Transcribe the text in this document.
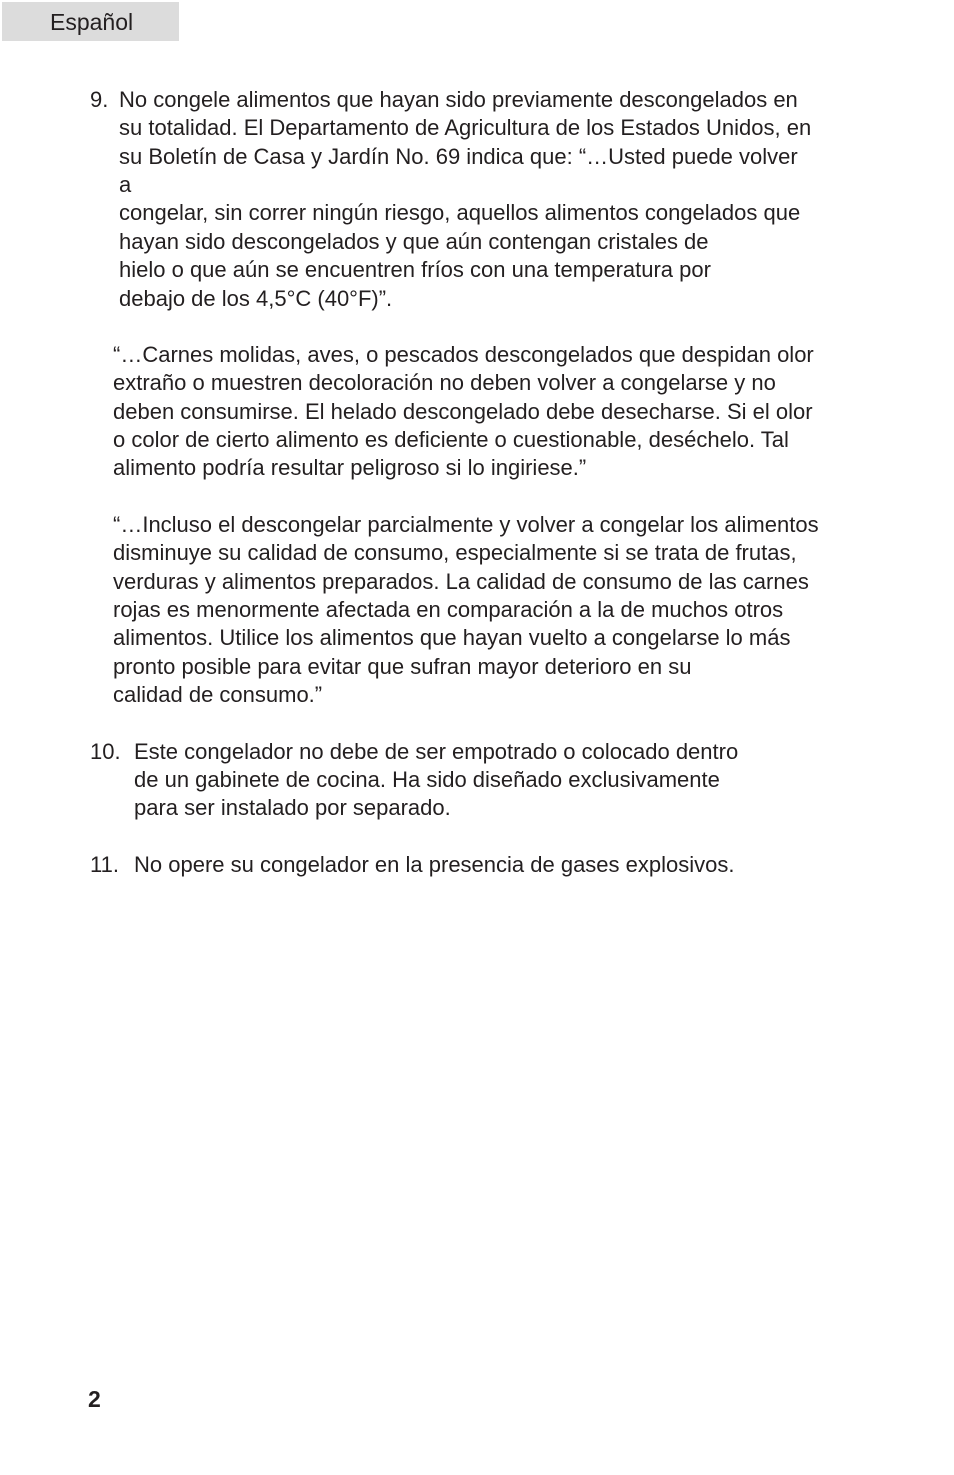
Español
9. No congele alimentos que hayan sido previamente descongelados en
su totalidad. El Departamento de Agricultura de los Estados Unidos, en
su Boletín de Casa y Jardín No. 69 indica que: “…Usted puede volver
a
congelar, sin correr ningún riesgo, aquellos alimentos congelados que
hayan sido descongelados y que aún contengan cristales de
hielo o que aún se encuentren fríos con una temperatura por
debajo de los 4,5°C (40°F)”.
“…Carnes molidas, aves, o pescados descongelados que despidan olor
extraño o muestren decoloración no deben volver a congelarse y no
deben consumirse. El helado descongelado debe desecharse. Si el olor
o color de cierto alimento es deficiente o cuestionable, deséchelo. Tal
alimento podría resultar peligroso si lo ingiriese.”
“…Incluso el descongelar parcialmente y volver a congelar los alimentos
disminuye su calidad de consumo, especialmente si se trata de frutas,
verduras y alimentos preparados. La calidad de consumo de las carnes
rojas es menormente afectada en comparación a la de muchos otros
alimentos. Utilice los alimentos que hayan vuelto a congelarse lo más
pronto posible para evitar que sufran mayor deterioro en su
calidad de consumo.”
10. Este congelador no debe de ser empotrado o colocado dentro
de un gabinete de cocina. Ha sido diseñado exclusivamente
para ser instalado por separado.
11. No opere su congelador en la presencia de gases explosivos.
2
